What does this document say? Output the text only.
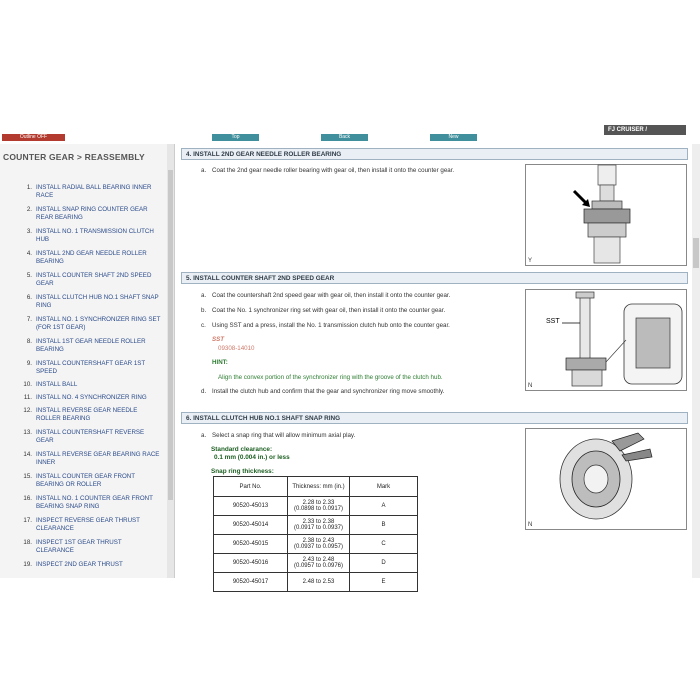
Outline OFF	Top	Back	New
FJ CRUISER /
COUNTER GEAR > REASSEMBLY
1. INSTALL RADIAL BALL BEARING INNER RACE
2. INSTALL SNAP RING COUNTER GEAR REAR BEARING
3. INSTALL NO. 1 TRANSMISSION CLUTCH HUB
4. INSTALL 2ND GEAR NEEDLE ROLLER BEARING
5. INSTALL COUNTER SHAFT 2ND SPEED GEAR
6. INSTALL CLUTCH HUB NO.1 SHAFT SNAP RING
7. INSTALL NO. 1 SYNCHRONIZER RING SET (FOR 1ST GEAR)
8. INSTALL 1ST GEAR NEEDLE ROLLER BEARING
9. INSTALL COUNTERSHAFT GEAR 1ST SPEED
10. INSTALL BALL
11. INSTALL NO. 4 SYNCHRONIZER RING
12. INSTALL REVERSE GEAR NEEDLE ROLLER BEARING
13. INSTALL COUNTERSHAFT REVERSE GEAR
14. INSTALL REVERSE GEAR BEARING RACE INNER
15. INSTALL COUNTER GEAR FRONT BEARING OR ROLLER
16. INSTALL NO. 1 COUNTER GEAR FRONT BEARING SNAP RING
17. INSPECT REVERSE GEAR THRUST CLEARANCE
18. INSPECT 1ST GEAR THRUST CLEARANCE
19. INSPECT 2ND GEAR THRUST
4. INSTALL 2ND GEAR NEEDLE ROLLER BEARING
a. Coat the 2nd gear needle roller bearing with gear oil, then install it onto the counter gear.
Y
5. INSTALL COUNTER SHAFT 2ND SPEED GEAR
a. Coat the countershaft 2nd speed gear with gear oil, then install it onto the counter gear.
b. Coat the No. 1 synchronizer ring set with gear oil, then install it onto the counter gear.
c. Using SST and a press, install the No. 1 transmission clutch hub onto the counter gear.
SST
09308-14010
HINT:
Align the convex portion of the synchronizer ring with the groove of the clutch hub.
d. Install the clutch hub and confirm that the gear and synchronizer ring move smoothly.
SST
N
6. INSTALL CLUTCH HUB NO.1 SHAFT SNAP RING
a. Select a snap ring that will allow minimum axial play.
Standard clearance:
0.1 mm (0.004 in.) or less
Snap ring thickness:
Part No.	Thickness: mm (in.)	Mark
90520-45013	2.28 to 2.33
(0.0898 to 0.0917)	A
90520-45014	2.33 to 2.38
(0.0917 to 0.0937)	B
90520-45015	2.38 to 2.43
(0.0937 to 0.0957)	C
90520-45016	2.43 to 2.48
(0.0957 to 0.0976)	D
90520-45017	2.48 to 2.53	E
N
